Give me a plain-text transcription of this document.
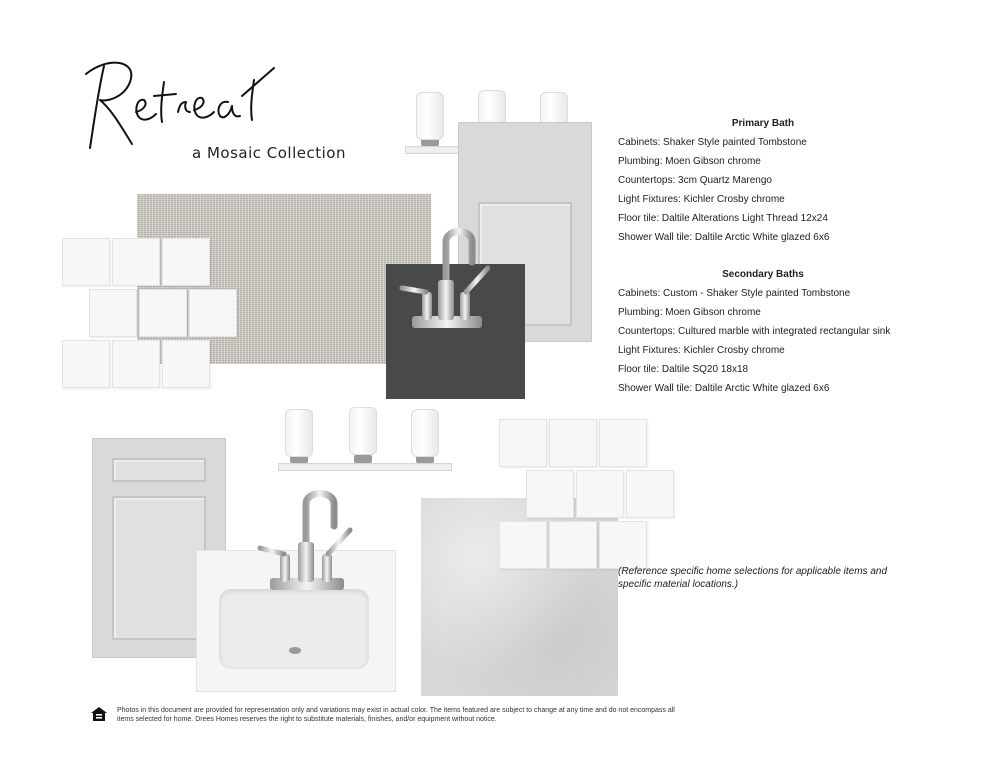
a Mosaic Collection
Primary Bath

Cabinets: Shaker Style painted Tombstone

Plumbing: Moen Gibson chrome

Countertops: 3cm Quartz Marengo

Light Fixtures: Kichler Crosby chrome

Floor tile: Daltile Alterations Light Thread 12x24

Shower Wall tile: Daltile Arctic White glazed 6x6

Secondary Baths

Cabinets: Custom - Shaker Style painted Tombstone

Plumbing: Moen Gibson chrome

Countertops: Cultured marble with integrated rectangular sink

Light Fixtures: Kichler Crosby chrome

Floor tile: Daltile SQ20 18x18

Shower Wall tile: Daltile Arctic White glazed 6x6

(Reference specific home selections for applicable items and specific material locations.)
Photos in this document are provided for representation only and variations may exist in actual color. The items featured are subject to change at any time and do not encompass all items selected for home. Drees Homes reserves the right to substitute materials, finishes, and/or equipment without notice.
